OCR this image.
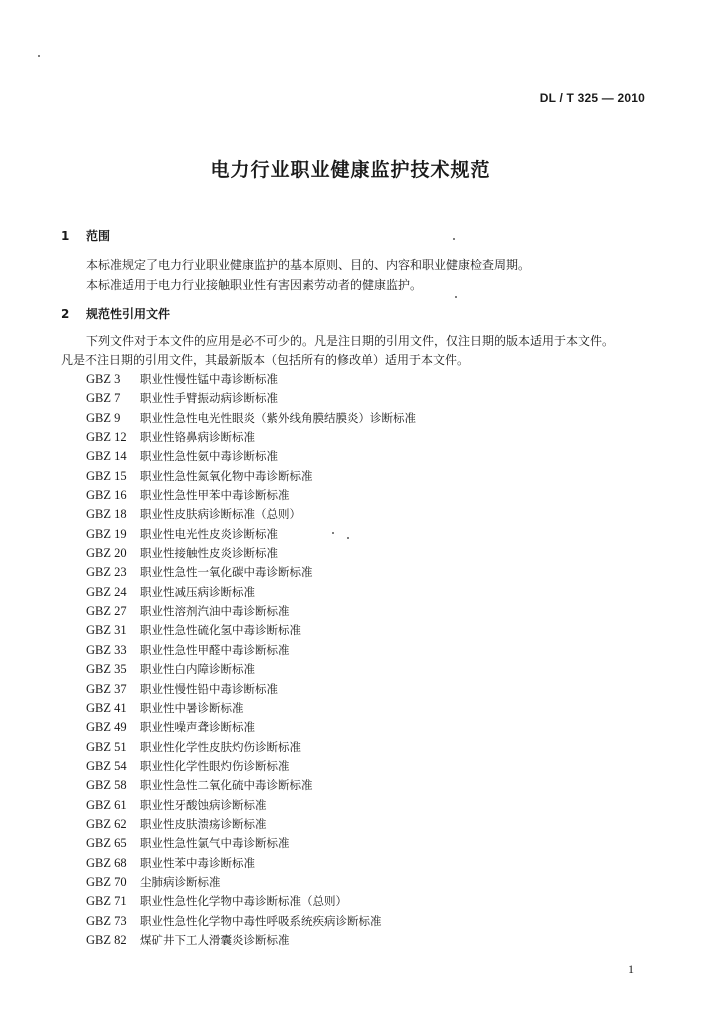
DL / T 325 — 2010
电力行业职业健康监护技术规范
1 范围
本标准规定了电力行业职业健康监护的基本原则、目的、内容和职业健康检查周期。
本标准适用于电力行业接触职业性有害因素劳动者的健康监护。
2 规范性引用文件
下列文件对于本文件的应用是必不可少的。凡是注日期的引用文件，仅注日期的版本适用于本文件。
凡是不注日期的引用文件，其最新版本（包括所有的修改单）适用于本文件。
GBZ 3 职业性慢性锰中毒诊断标准
GBZ 7 职业性手臂振动病诊断标准
GBZ 9 职业性急性电光性眼炎（紫外线角膜结膜炎）诊断标准
GBZ 12 职业性铬鼻病诊断标准
GBZ 14 职业性急性氨中毒诊断标准
GBZ 15 职业性急性氮氧化物中毒诊断标准
GBZ 16 职业性急性甲苯中毒诊断标准
GBZ 18 职业性皮肤病诊断标准（总则）
GBZ 19 职业性电光性皮炎诊断标准
GBZ 20 职业性接触性皮炎诊断标准
GBZ 23 职业性急性一氧化碳中毒诊断标准
GBZ 24 职业性减压病诊断标准
GBZ 27 职业性溶剂汽油中毒诊断标准
GBZ 31 职业性急性硫化氢中毒诊断标准
GBZ 33 职业性急性甲醛中毒诊断标准
GBZ 35 职业性白内障诊断标准
GBZ 37 职业性慢性铅中毒诊断标准
GBZ 41 职业性中暑诊断标准
GBZ 49 职业性噪声聋诊断标准
GBZ 51 职业性化学性皮肤灼伤诊断标准
GBZ 54 职业性化学性眼灼伤诊断标准
GBZ 58 职业性急性二氧化硫中毒诊断标准
GBZ 61 职业性牙酸蚀病诊断标准
GBZ 62 职业性皮肤溃疡诊断标准
GBZ 65 职业性急性氯气中毒诊断标准
GBZ 68 职业性苯中毒诊断标准
GBZ 70 尘肺病诊断标准
GBZ 71 职业性急性化学物中毒诊断标准（总则）
GBZ 73 职业性急性化学物中毒性呼吸系统疾病诊断标准
GBZ 82 煤矿井下工人滑囊炎诊断标准
1
